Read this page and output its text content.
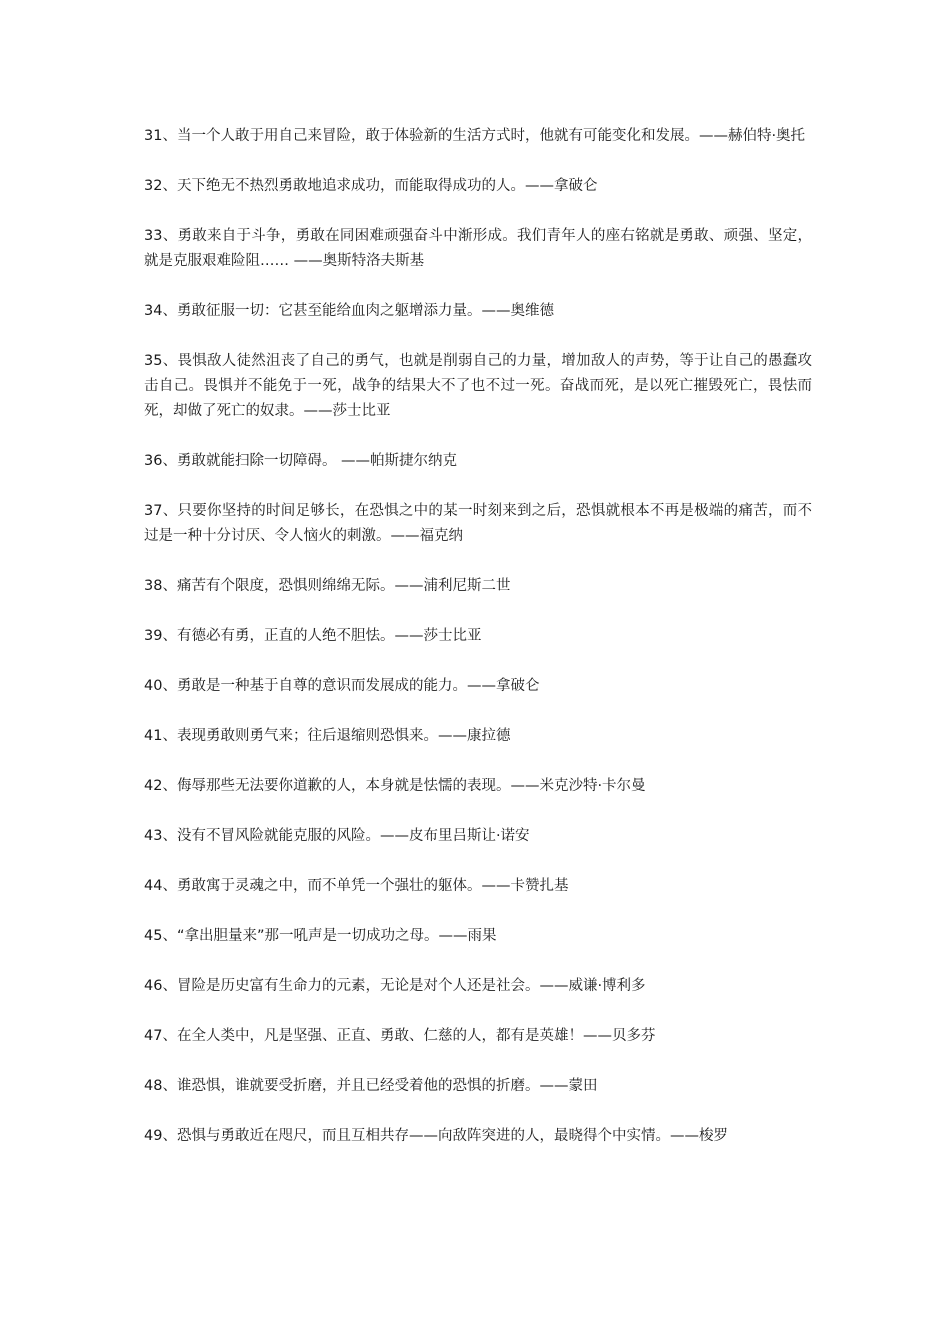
31、当一个人敢于用自己来冒险，敢于体验新的生活方式时，他就有可能变化和发展。——赫伯特·奥托

32、天下绝无不热烈勇敢地追求成功，而能取得成功的人。——拿破仑

33、勇敢来自于斗争，勇敢在同困难顽强奋斗中渐形成。我们青年人的座右铭就是勇敢、顽强、坚定，就是克服艰难险阻…… ——奥斯特洛夫斯基

34、勇敢征服一切：它甚至能给血肉之躯增添力量。——奥维德

35、畏惧敌人徒然沮丧了自己的勇气，也就是削弱自己的力量，增加敌人的声势，等于让自己的愚蠢攻击自己。畏惧并不能免于一死，战争的结果大不了也不过一死。奋战而死，是以死亡摧毁死亡，畏怯而死，却做了死亡的奴隶。——莎士比亚

36、勇敢就能扫除一切障碍。 ——帕斯捷尔纳克

37、只要你坚持的时间足够长，在恐惧之中的某一时刻来到之后，恐惧就根本不再是极端的痛苦，而不过是一种十分讨厌、令人恼火的刺激。——福克纳

38、痛苦有个限度，恐惧则绵绵无际。——浦利尼斯二世

39、有德必有勇，正直的人绝不胆怯。——莎士比亚

40、勇敢是一种基于自尊的意识而发展成的能力。——拿破仑

41、表现勇敢则勇气来；往后退缩则恐惧来。——康拉德

42、侮辱那些无法要你道歉的人，本身就是怯懦的表现。——米克沙特·卡尔曼

43、没有不冒风险就能克服的风险。——皮布里吕斯让·诺安

44、勇敢寓于灵魂之中，而不单凭一个强壮的躯体。——卡赞扎基

45、“拿出胆量来”那一吼声是一切成功之母。——雨果

46、冒险是历史富有生命力的元素，无论是对个人还是社会。——威谦·博利多

47、在全人类中，凡是坚强、正直、勇敢、仁慈的人，都有是英雄！——贝多芬

48、谁恐惧，谁就要受折磨，并且已经受着他的恐惧的折磨。——蒙田

49、恐惧与勇敢近在咫尺，而且互相共存——向敌阵突进的人，最晓得个中实情。——梭罗
